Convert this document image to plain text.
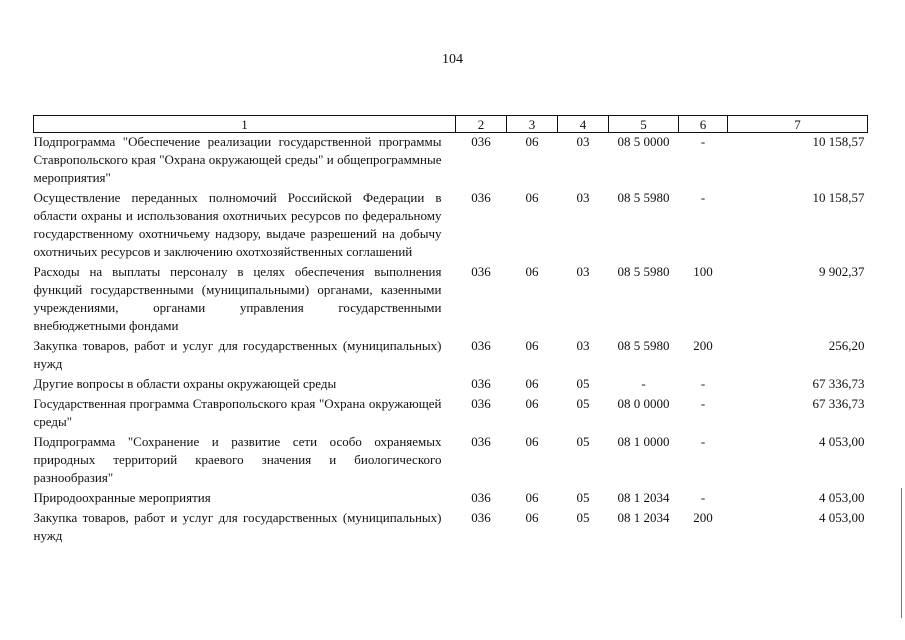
104
1	2	3	4	5	6	7
Подпрограмма "Обеспечение реализации государственной программы Ставропольского края "Охрана окружающей среды" и общепрограммные мероприятия"	036	06	03	08 5 0000	-	10 158,57
Осуществление переданных полномочий Российской Федерации в области охраны и использования охотничьих ресурсов по федеральному государственному охотничьему надзору, выдаче разрешений на добычу охотничьих ресурсов и заключению охотхозяйственных соглашений	036	06	03	08 5 5980	-	10 158,57
Расходы на выплаты персоналу в целях обеспечения выполнения функций государственными (муниципальными) органами, казенными учреждениями, органами управления государственными внебюджетными фондами	036	06	03	08 5 5980	100	9 902,37
Закупка товаров, работ и услуг для государственных (муниципальных) нужд	036	06	03	08 5 5980	200	256,20
Другие вопросы в области охраны окружающей среды	036	06	05	-	-	67 336,73
Государственная программа Ставропольского края "Охрана окружающей среды"	036	06	05	08 0 0000	-	67 336,73
Подпрограмма "Сохранение и развитие сети особо охраняемых природных территорий краевого значения и биологического разнообразия"	036	06	05	08 1 0000	-	4 053,00
Природоохранные мероприятия	036	06	05	08 1 2034	-	4 053,00
Закупка товаров, работ и услуг для государственных (муниципальных) нужд	036	06	05	08 1 2034	200	4 053,00
